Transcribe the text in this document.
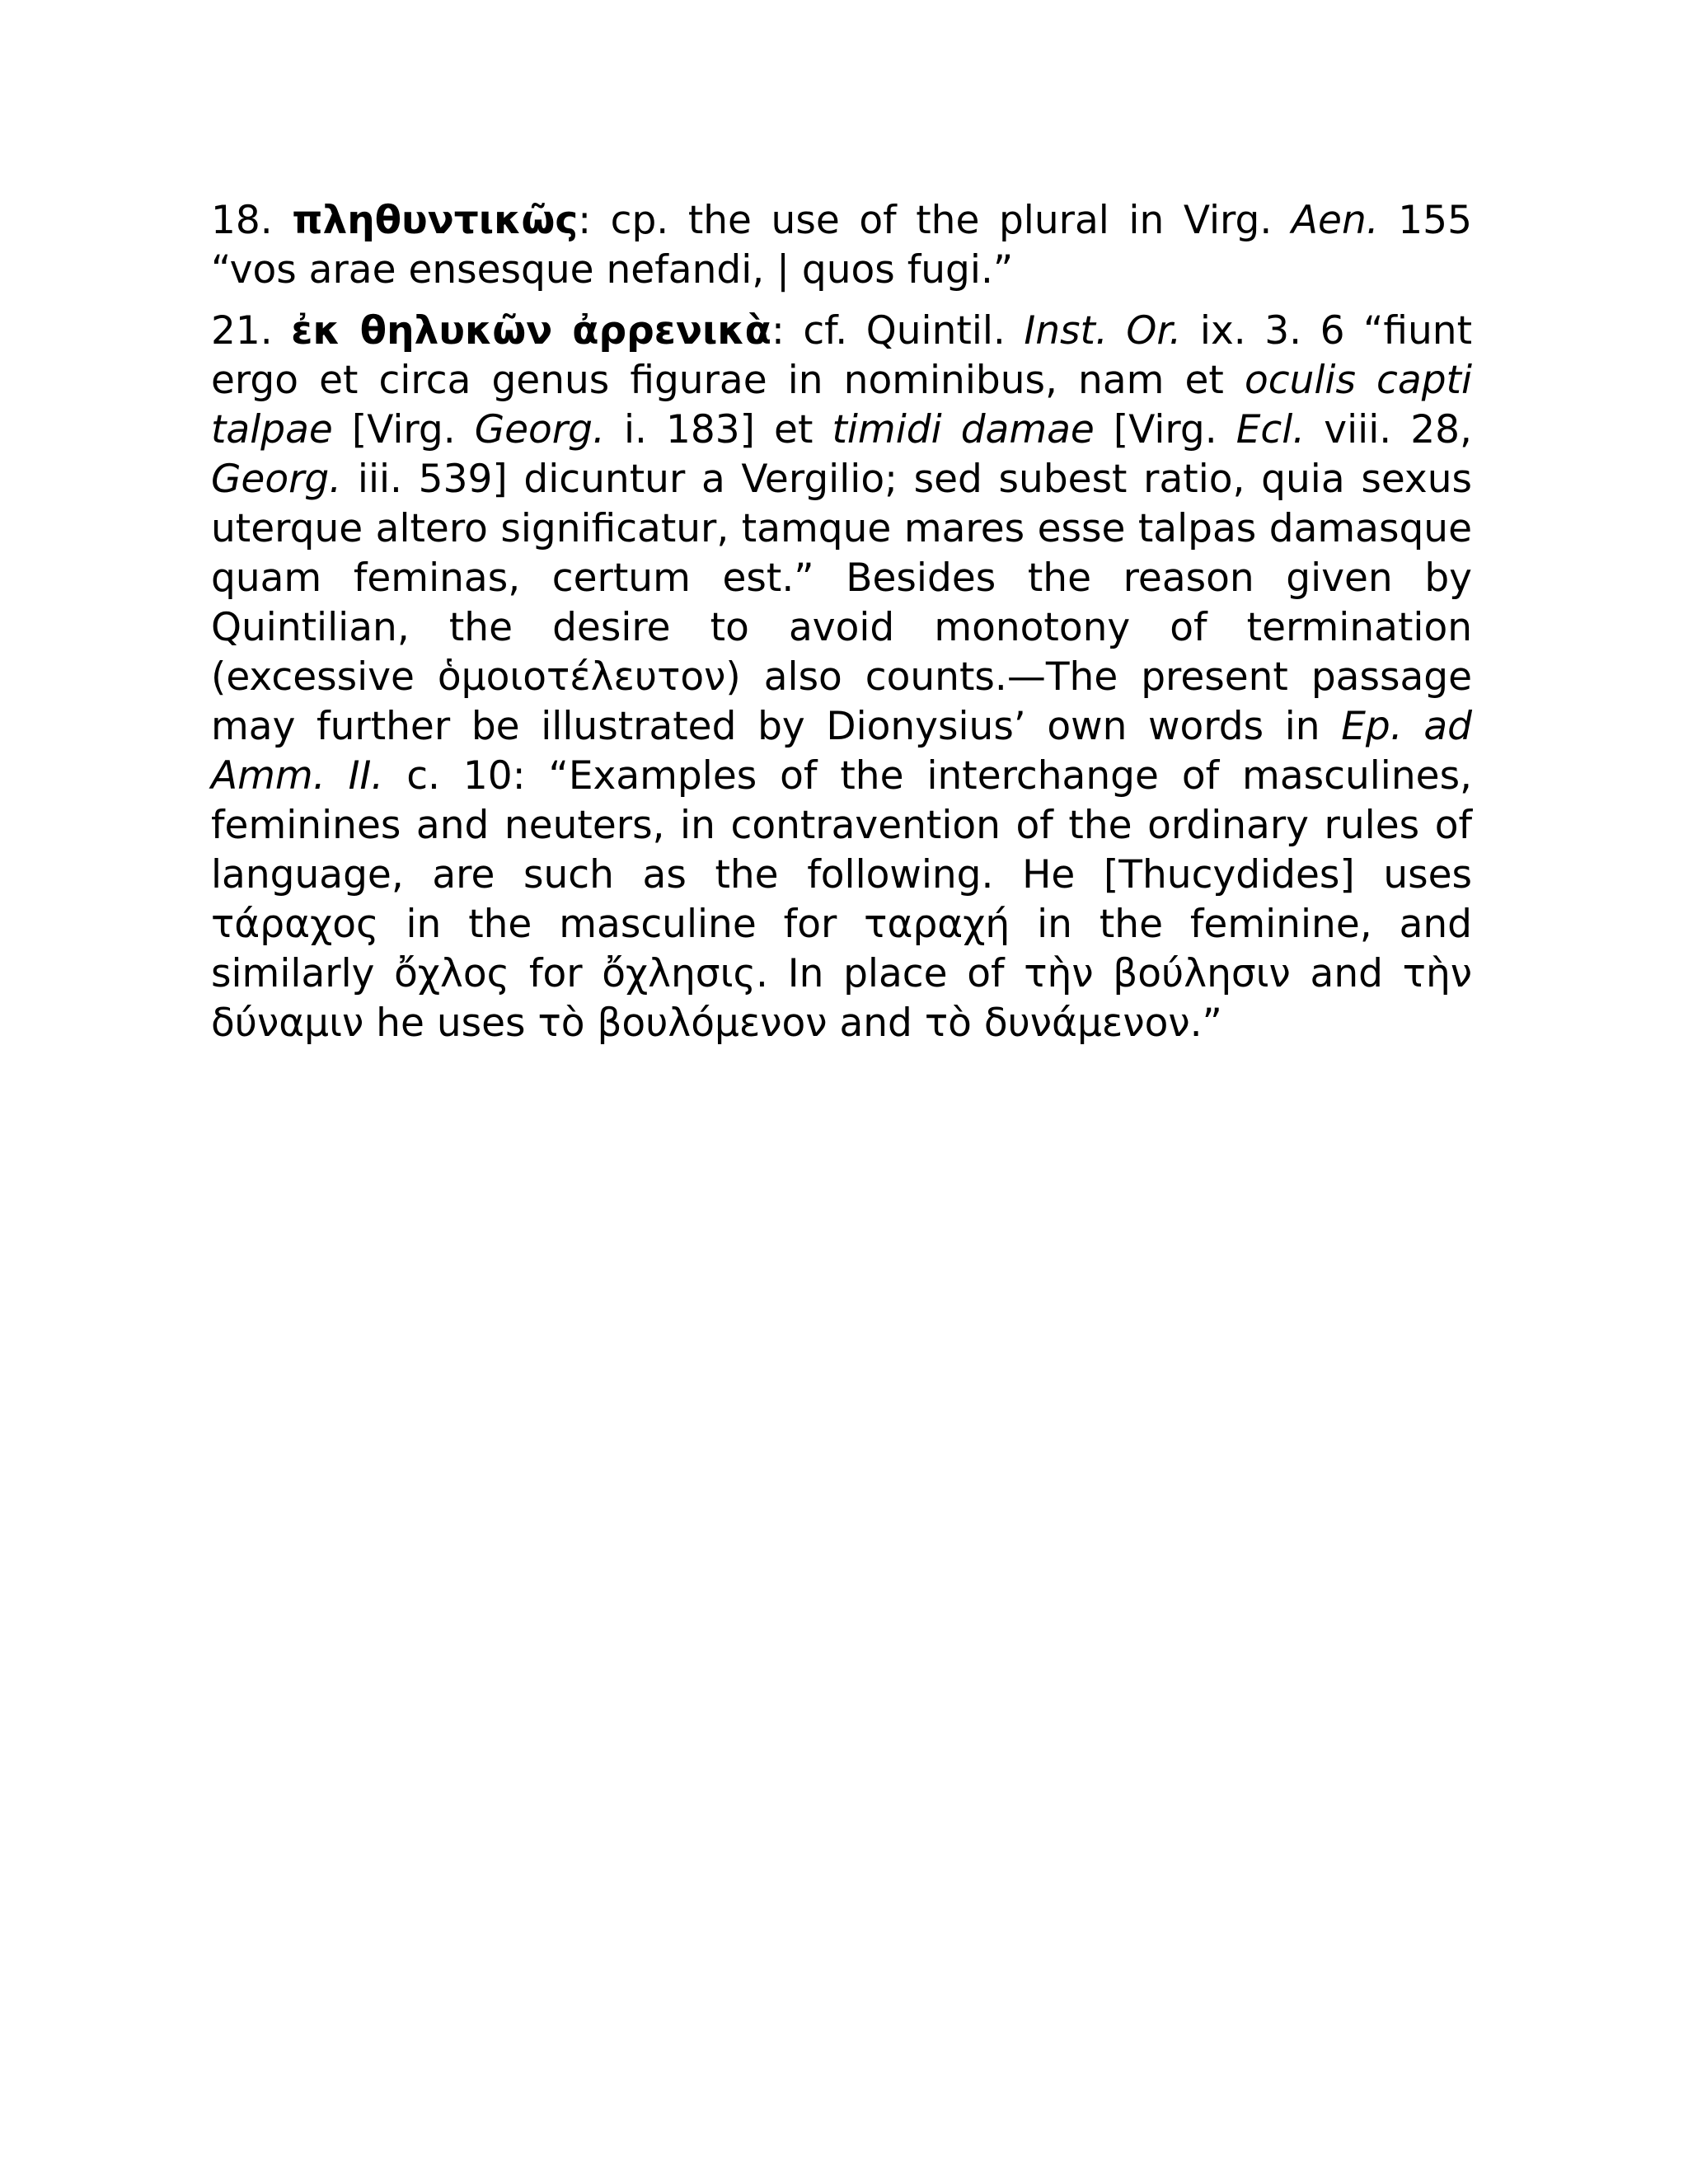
18. πληθυντικῶς: cp. the use of the plural in Virg. Aen. 155 “vos arae ensesque nefandi, | quos fugi.”

21. ἐκ θηλυκῶν ἀρρενικὰ: cf. Quintil. Inst. Or. ix. 3. 6 “fiunt ergo et circa genus figurae in nominibus, nam et oculis capti talpae [Virg. Georg. i. 183] et timidi damae [Virg. Ecl. viii. 28, Georg. iii. 539] dicuntur a Vergilio; sed subest ratio, quia sexus uterque altero significatur, tamque mares esse talpas damasque quam feminas, certum est.” Besides the reason given by Quintilian, the desire to avoid monotony of termination (excessive ὁμοιοτέλευτον) also counts.—The present passage may further be illustrated by Dionysius’ own words in Ep. ad Amm. II. c. 10: “Examples of the interchange of masculines, feminines and neuters, in contravention of the ordinary rules of language, are such as the following. He [Thucydides] uses τάραχος in the masculine for ταραχή in the feminine, and similarly ὄχλος for ὄχλησις. In place of τὴν βούλησιν and τὴν δύναμιν he uses τὸ βουλόμενον and τὸ δυνάμενον.”
